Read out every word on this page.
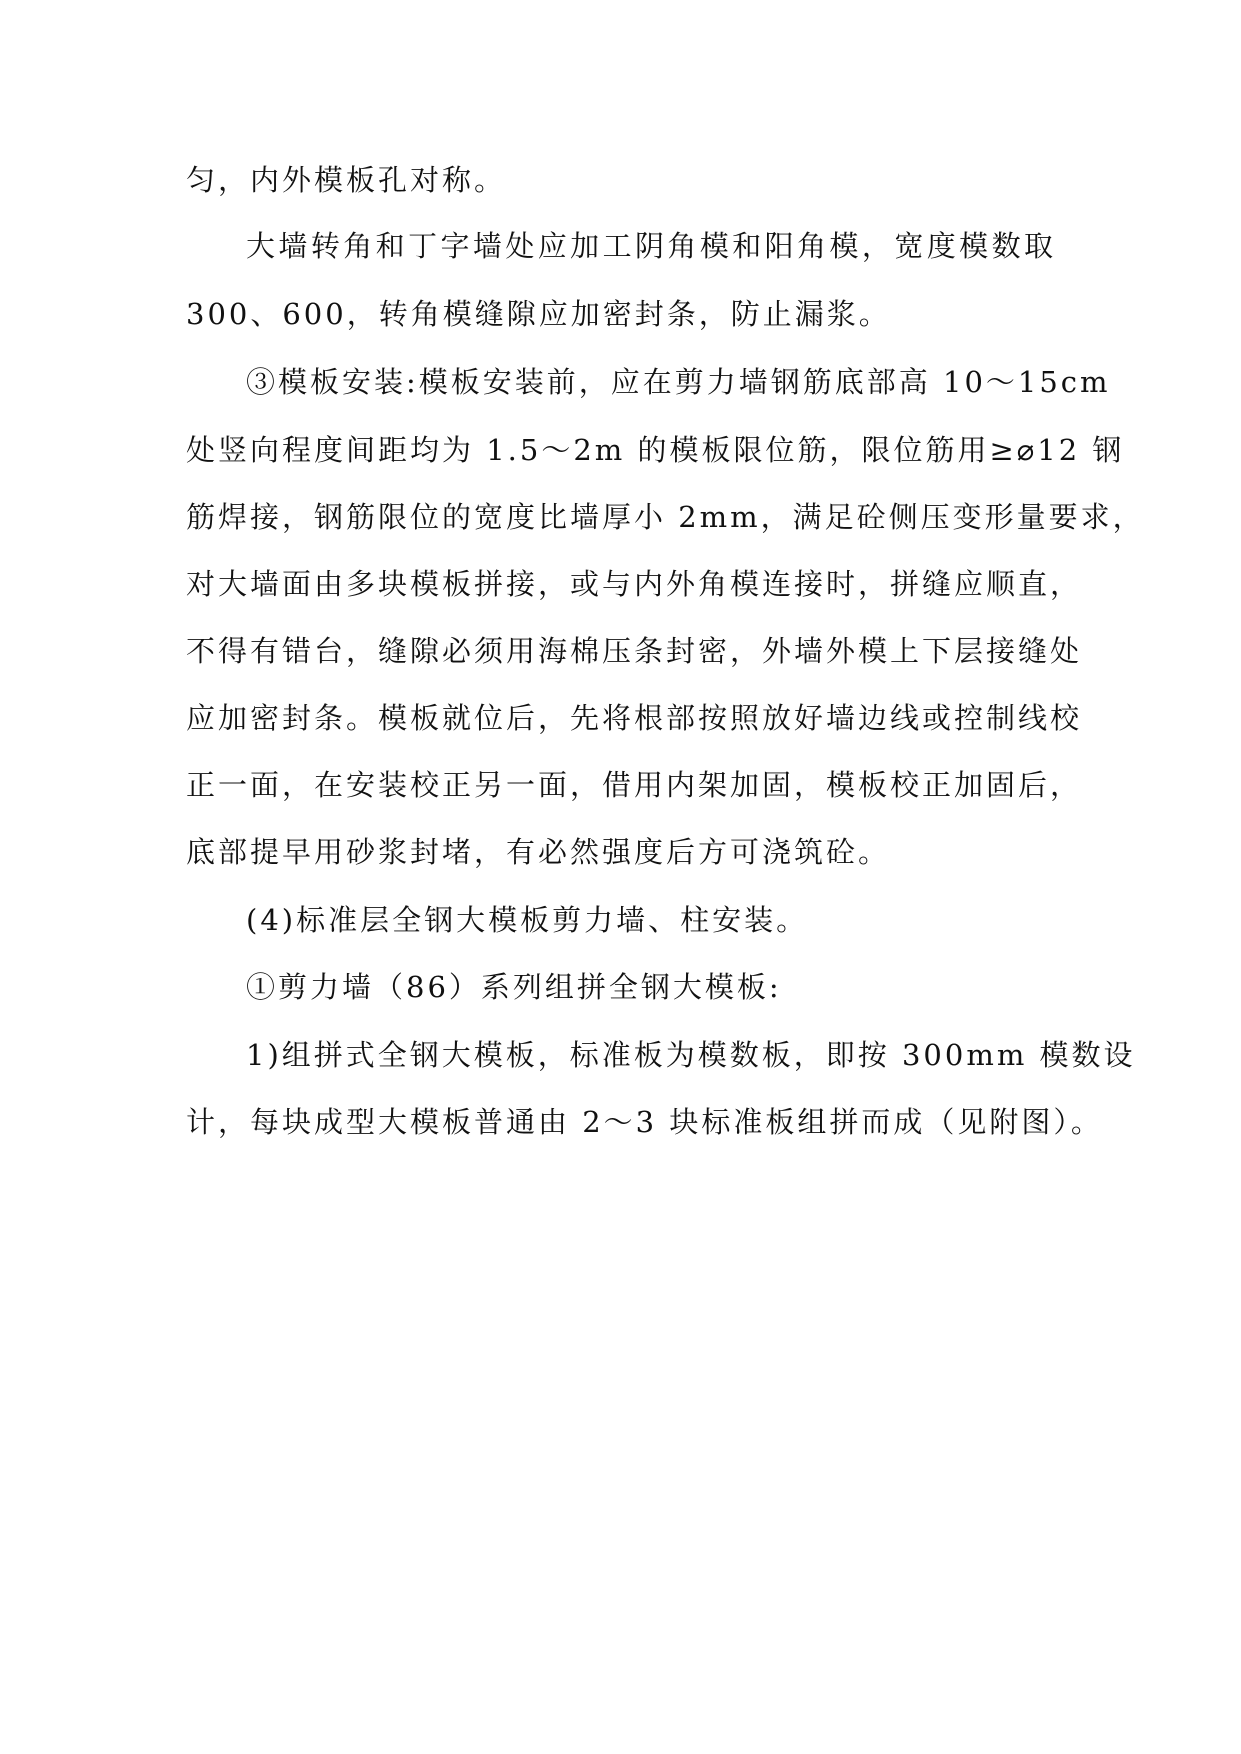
匀，内外模板孔对称。
大墙转角和丁字墙处应加工阴角模和阳角模，宽度模数取
300、600，转角模缝隙应加密封条，防止漏浆。
③模板安装:模板安装前，应在剪力墙钢筋底部高 10～15cm
处竖向程度间距均为 1.5～2m 的模板限位筋，限位筋用≥⌀12 钢
筋焊接，钢筋限位的宽度比墙厚小 2mm，满足砼侧压变形量要求，
对大墙面由多块模板拼接，或与内外角模连接时，拼缝应顺直，
不得有错台，缝隙必须用海棉压条封密，外墙外模上下层接缝处
应加密封条。模板就位后，先将根部按照放好墙边线或控制线校
正一面，在安装校正另一面，借用内架加固，模板校正加固后，
底部提早用砂浆封堵，有必然强度后方可浇筑砼。
(4)标准层全钢大模板剪力墙、柱安装。
①剪力墙（86）系列组拼全钢大模板:
1)组拼式全钢大模板，标准板为模数板，即按 300mm 模数设
计，每块成型大模板普通由 2～3 块标准板组拼而成（见附图）。
